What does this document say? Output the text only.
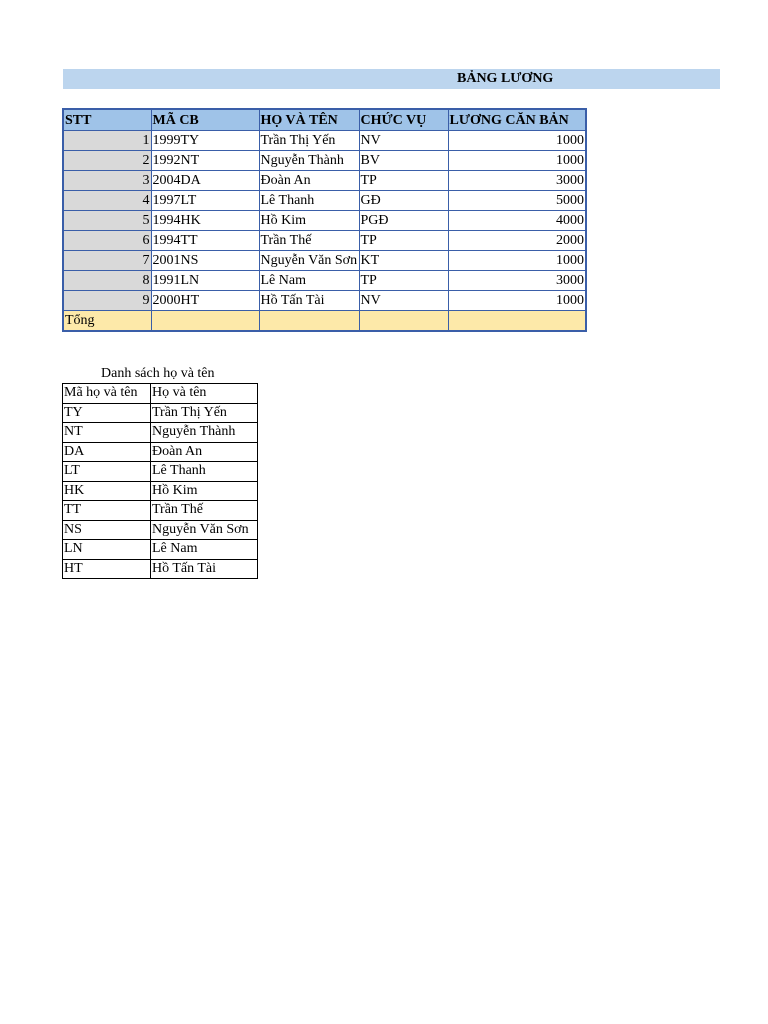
BẢNG LƯƠNG
STT	MÃ CB	HỌ VÀ TÊN	CHỨC VỤ	LƯƠNG CĂN BẢN
1	1999TY	Trần Thị Yến	NV	1000
2	1992NT	Nguyễn Thành	BV	1000
3	2004DA	Đoàn An	TP	3000
4	1997LT	Lê Thanh	GĐ	5000
5	1994HK	Hồ Kim	PGĐ	4000
6	1994TT	Trần Thế	TP	2000
7	2001NS	Nguyễn Văn Sơn	KT	1000
8	1991LN	Lê Nam	TP	3000
9	2000HT	Hồ Tấn Tài	NV	1000
Tổng				
Danh sách họ và tên
Mã họ và tên	Họ và tên
TY	Trần Thị Yến
NT	Nguyễn Thành
DA	Đoàn An
LT	Lê Thanh
HK	Hồ Kim
TT	Trần Thế
NS	Nguyễn Văn Sơn
LN	Lê Nam
HT	Hồ Tấn Tài
